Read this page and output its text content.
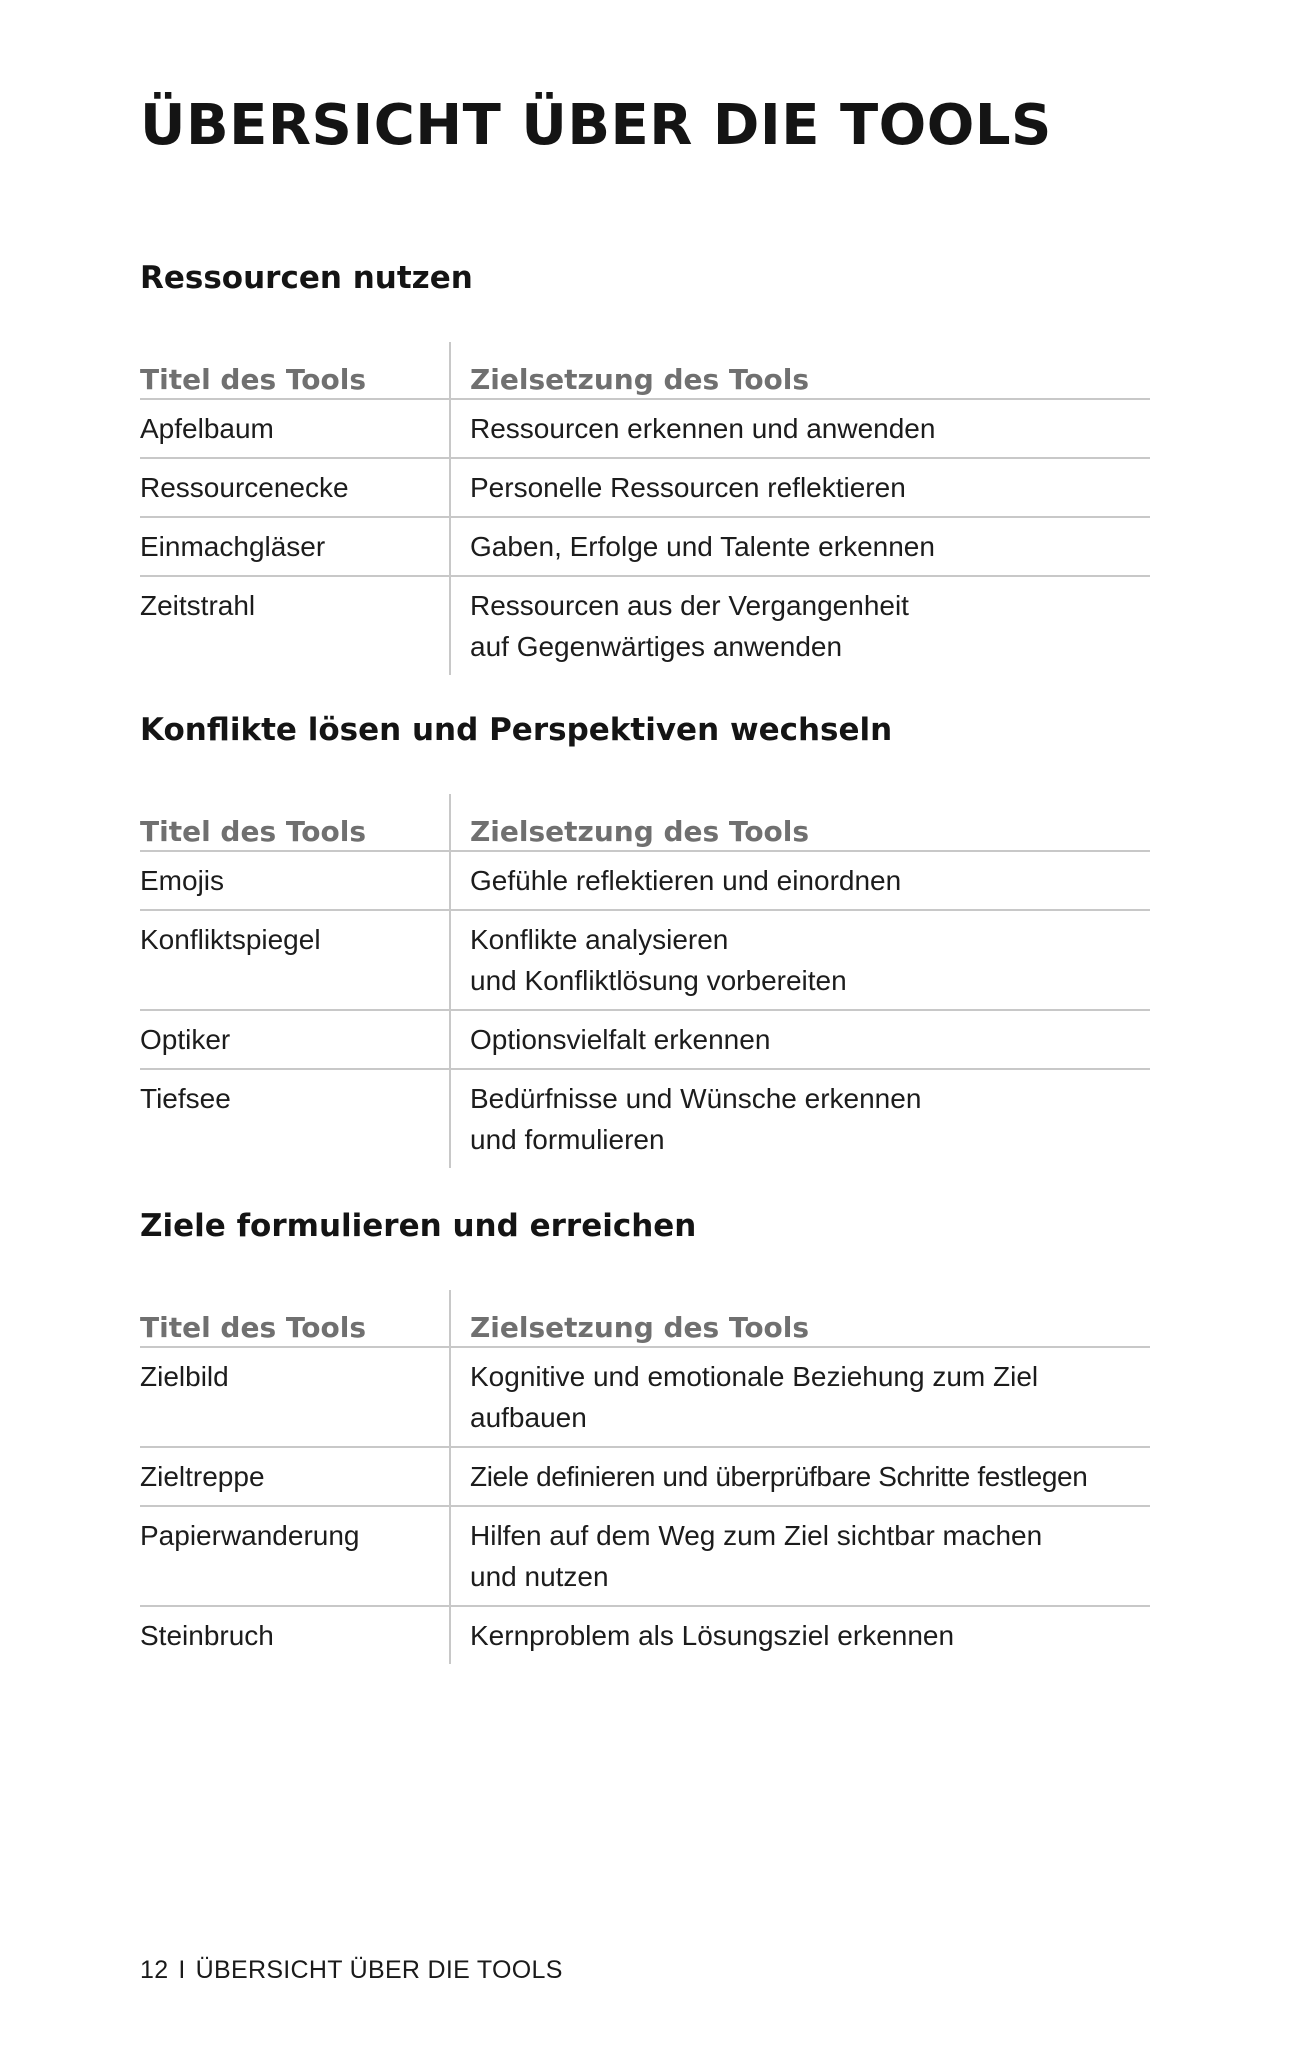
ÜBERSICHT ÜBER DIE TOOLS
Ressourcen nutzen
Titel des Tools	Zielsetzung des Tools
Apfelbaum	Ressourcen erkennen und anwenden

Ressourcenecke	Personelle Ressourcen reflektieren

Einmachgläser	Gaben, Erfolge und Talente erkennen

Zeitstrahl	Ressourcen aus der Vergangenheit
auf Gegenwärtiges anwenden
Konflikte lösen und Perspektiven wechseln
Titel des Tools	Zielsetzung des Tools
Emojis	Gefühle reflektieren und einordnen

Konfliktspiegel	Konflikte analysieren
und Konfliktlösung vorbereiten

Optiker	Optionsvielfalt erkennen

Tiefsee	Bedürfnisse und Wünsche erkennen
und formulieren
Ziele formulieren und erreichen
Titel des Tools	Zielsetzung des Tools
Zielbild	Kognitive und emotionale Beziehung zum Ziel
aufbauen

Zieltreppe	Ziele definieren und überprüfbare Schritte festlegen

Papierwanderung	Hilfen auf dem Weg zum Ziel sichtbar machen
und nutzen

Steinbruch	Kernproblem als Lösungsziel erkennen
12 I ÜBERSICHT ÜBER DIE TOOLS
